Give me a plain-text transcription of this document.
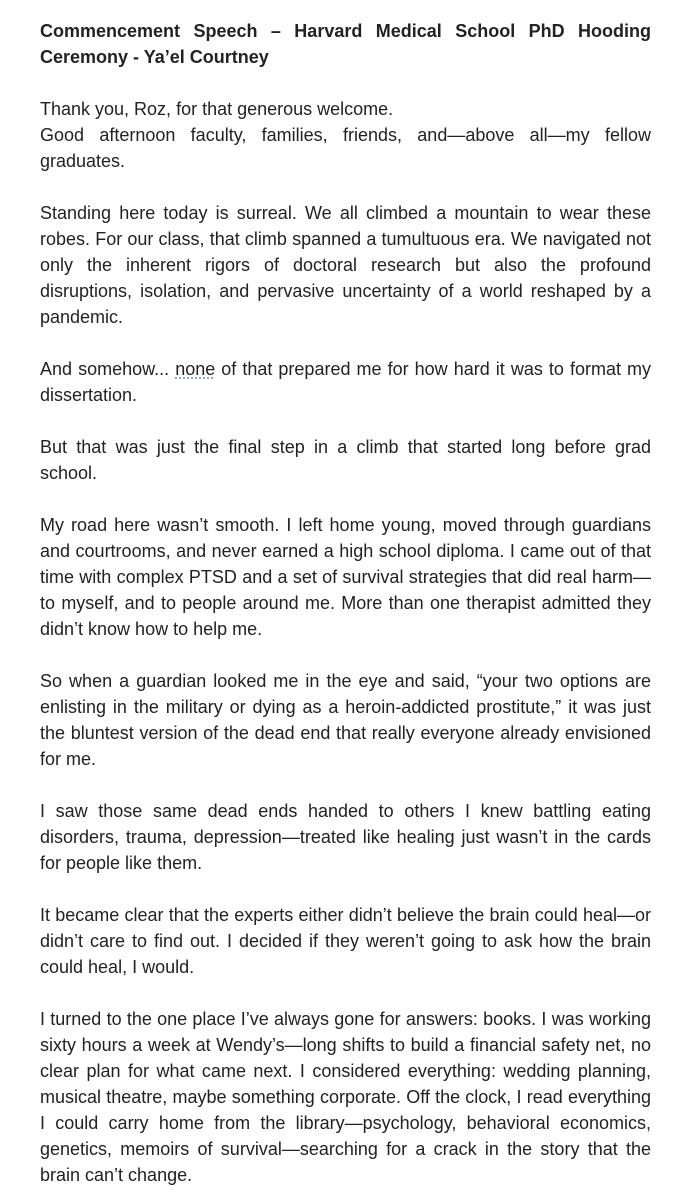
Commencement Speech – Harvard Medical School PhD Hooding Ceremony - Ya’el Courtney
Thank you, Roz, for that generous welcome.
Good afternoon faculty, families, friends, and—above all—my fellow graduates.
Standing here today is surreal. We all climbed a mountain to wear these robes. For our class, that climb spanned a tumultuous era. We navigated not only the inherent rigors of doctoral research but also the profound disruptions, isolation, and pervasive uncertainty of a world reshaped by a pandemic.
And somehow... none of that prepared me for how hard it was to format my dissertation.
But that was just the final step in a climb that started long before grad school.
My road here wasn’t smooth. I left home young, moved through guardians and courtrooms, and never earned a high school diploma. I came out of that time with complex PTSD and a set of survival strategies that did real harm—to myself, and to people around me. More than one therapist admitted they didn’t know how to help me.
So when a guardian looked me in the eye and said, “your two options are enlisting in the military or dying as a heroin-addicted prostitute,” it was just the bluntest version of the dead end that really everyone already envisioned for me.
I saw those same dead ends handed to others I knew battling eating disorders, trauma, depression—treated like healing just wasn’t in the cards for people like them.
It became clear that the experts either didn’t believe the brain could heal—or didn’t care to find out. I decided if they weren’t going to ask how the brain could heal, I would.
I turned to the one place I’ve always gone for answers: books. I was working sixty hours a week at Wendy’s—long shifts to build a financial safety net, no clear plan for what came next. I considered everything: wedding planning, musical theatre, maybe something corporate. Off the clock, I read everything I could carry home from the library—psychology, behavioral economics, genetics, memoirs of survival—searching for a crack in the story that the brain can’t change.
